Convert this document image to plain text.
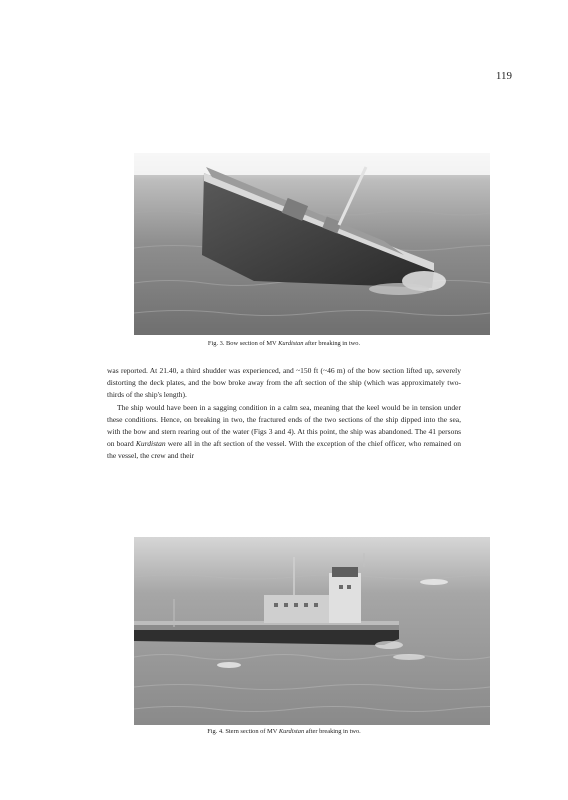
119
Fig. 3. Bow section of MV Kurdistan after breaking in two.

was reported. At 21.40, a third shudder was experienced, and ~150 ft (~46 m) of the bow section lifted up, severely distorting the deck plates, and the bow broke away from the aft section of the ship (which was approximately two-thirds of the ship's length).

The ship would have been in a sagging condition in a calm sea, meaning that the keel would be in tension under these conditions. Hence, on breaking in two, the fractured ends of the two sections of the ship dipped into the sea, with the bow and stern rearing out of the water (Figs 3 and 4). At this point, the ship was abandoned. The 41 persons on board Kurdistan were all in the aft section of the vessel. With the exception of the chief officer, who remained on the vessel, the crew and their

Fig. 4. Stern section of MV Kurdistan after breaking in two.
